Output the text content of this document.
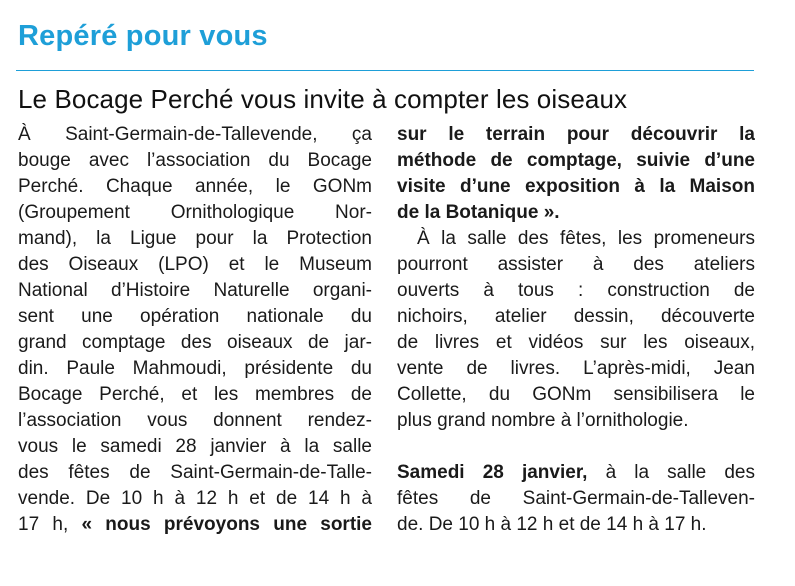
Repéré pour vous
Le Bocage Perché vous invite à compter les oiseaux
À Saint-Germain-de-Tallevende, ça
bouge avec l’association du Bocage
Perché. Chaque année, le GONm
(Groupement Ornithologique Nor-
mand), la Ligue pour la Protection
des Oiseaux (LPO) et le Museum
National d’Histoire Naturelle organi-
sent une opération nationale du
grand comptage des oiseaux de jar-
din. Paule Mahmoudi, présidente du
Bocage Perché, et les membres de
l’association vous donnent rendez-
vous le samedi 28 janvier à la salle
des fêtes de Saint-Germain-de-Talle-
vende. De 10 h à 12 h et de 14 h à
17 h, « nous prévoyons une sortie
sur le terrain pour découvrir la
méthode de comptage, suivie d’une
visite d’une exposition à la Maison
de la Botanique ».
À la salle des fêtes, les promeneurs
pourront assister à des ateliers
ouverts à tous : construction de
nichoirs, atelier dessin, découverte
de livres et vidéos sur les oiseaux,
vente de livres. L’après-midi, Jean
Collette, du GONm sensibilisera le
plus grand nombre à l’ornithologie.
Samedi 28 janvier, à la salle des
fêtes de Saint-Germain-de-Talleven-
de. De 10 h à 12 h et de 14 h à 17 h.
